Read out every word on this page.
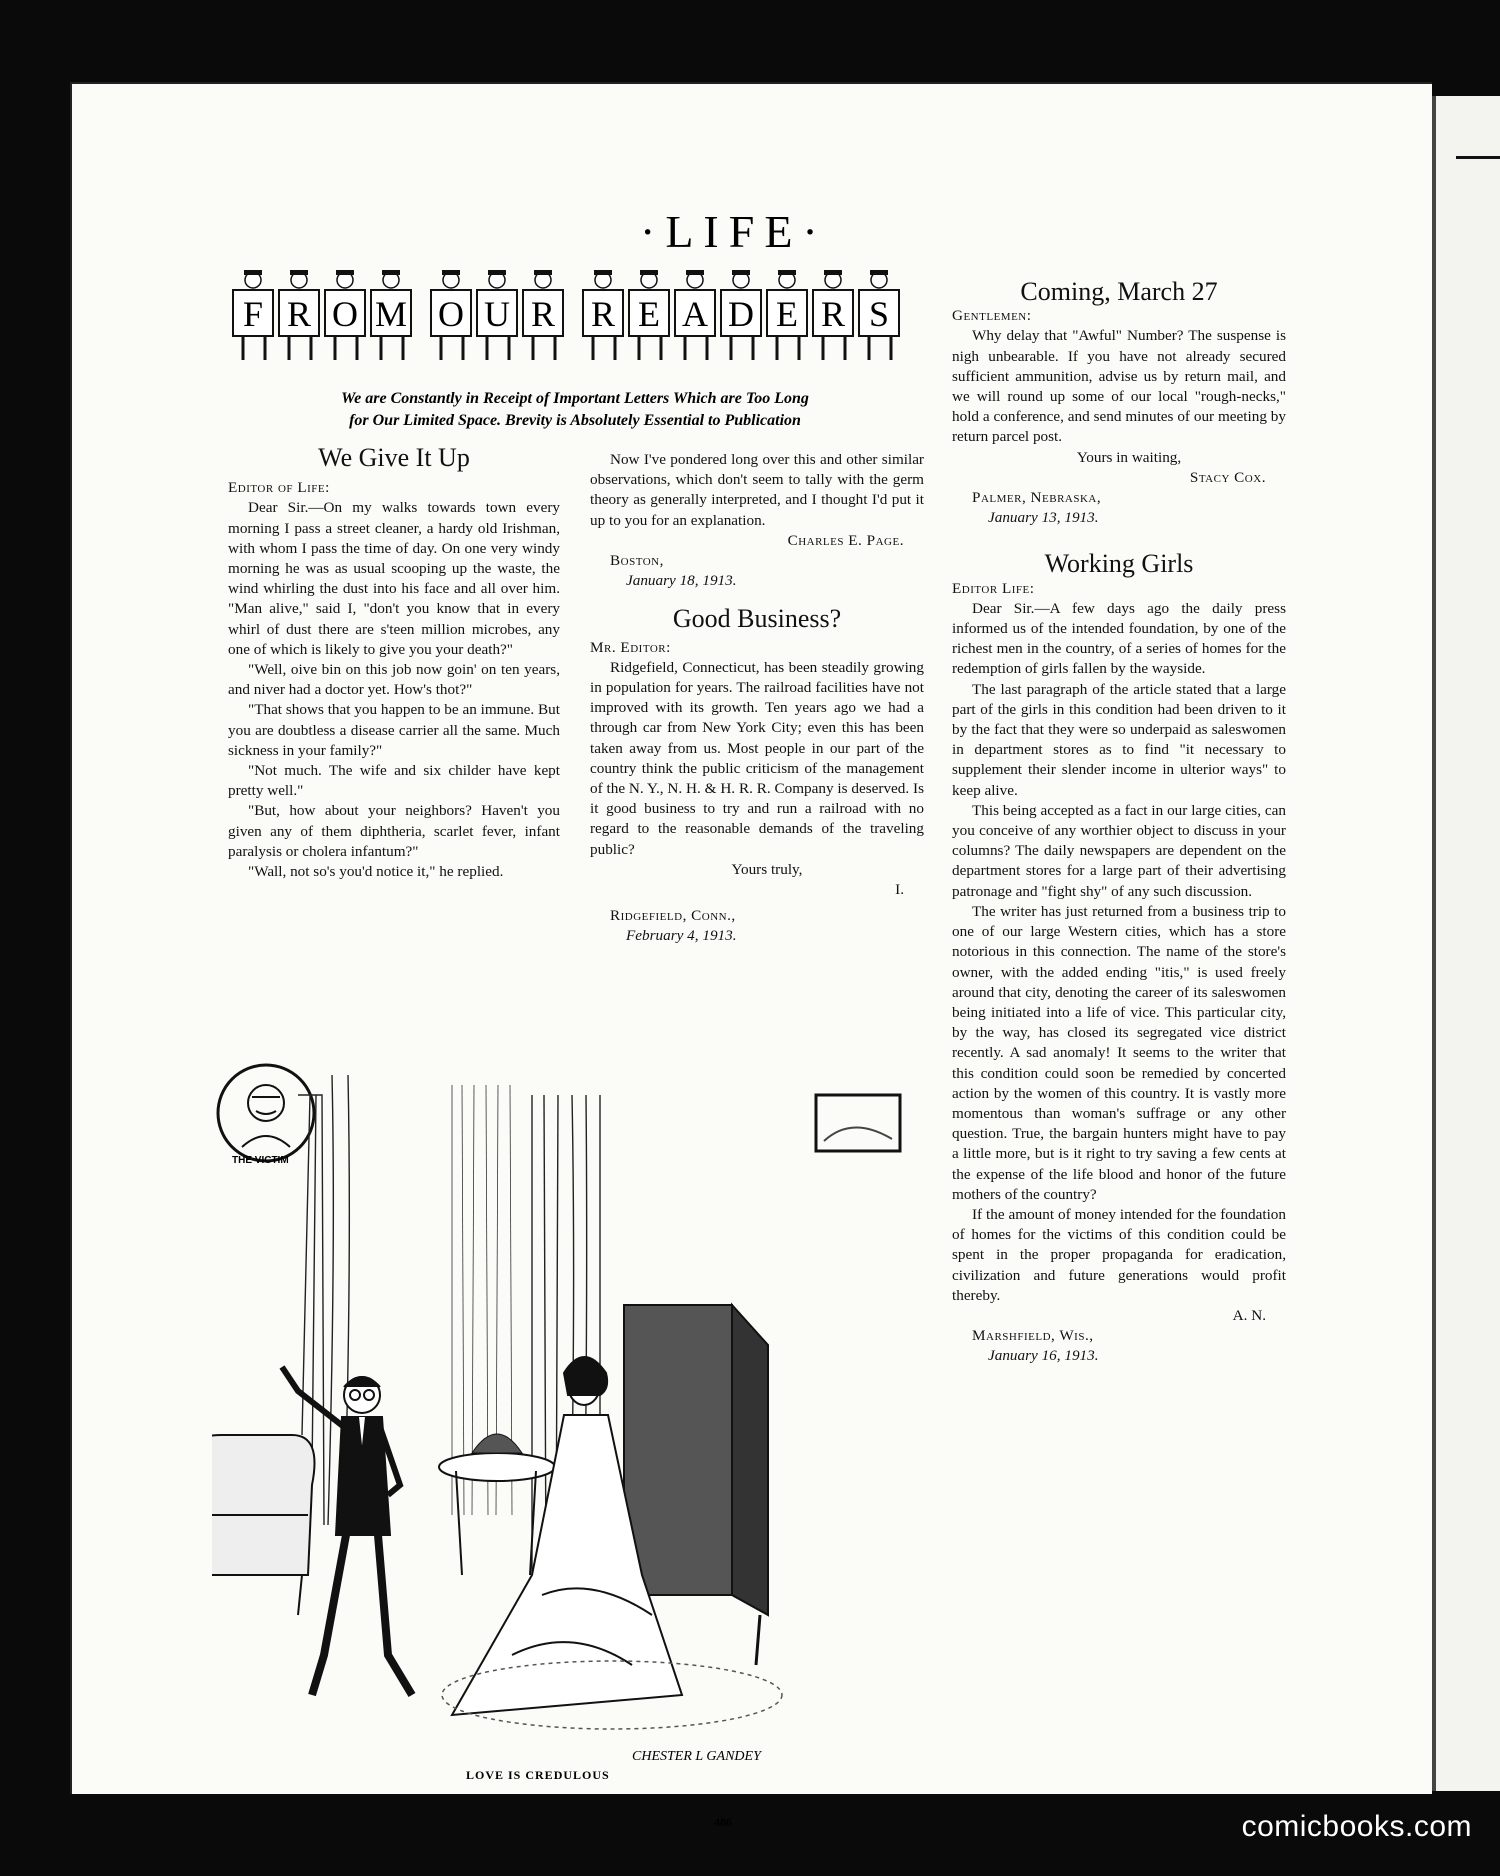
·LIFE·
F R O M O U R R E A D E R S
We are Constantly in Receipt of Important Letters Which are Too Long
for Our Limited Space. Brevity is Absolutely Essential to Publication
We Give It Up

Editor of Life:

Dear Sir.—On my walks towards town every morning I pass a street cleaner, a hardy old Irishman, with whom I pass the time of day. On one very windy morning he was as usual scooping up the waste, the wind whirling the dust into his face and all over him. "Man alive," said I, "don't you know that in every whirl of dust there are s'teen million microbes, any one of which is likely to give you your death?"

"Well, oive bin on this job now goin' on ten years, and niver had a doctor yet. How's thot?"

"That shows that you happen to be an immune. But you are doubtless a disease carrier all the same. Much sickness in your family?"

"Not much. The wife and six childer have kept pretty well."

"But, how about your neighbors? Haven't you given any of them diphtheria, scarlet fever, infant paralysis or cholera infantum?"

"Wall, not so's you'd notice it," he replied.

Now I've pondered long over this and other similar observations, which don't seem to tally with the germ theory as generally interpreted, and I thought I'd put it up to you for an explanation.

Charles E. Page.

Boston,

January 18, 1913.

Good Business?

Mr. Editor:

Ridgefield, Connecticut, has been steadily growing in population for years. The railroad facilities have not improved with its growth. Ten years ago we had a through car from New York City; even this has been taken away from us. Most people in our part of the country think the public criticism of the management of the N. Y., N. H. & H. R. R. Company is deserved. Is it good business to try and run a railroad with no regard to the reasonable demands of the traveling public?

Yours truly,

I.

Ridgefield, Conn.,

February 4, 1913.

Coming, March 27

Gentlemen:

Why delay that "Awful" Number? The suspense is nigh unbearable. If you have not already secured sufficient ammunition, advise us by return mail, and we will round up some of our local "rough-necks," hold a conference, and send minutes of our meeting by return parcel post.

Yours in waiting,

Stacy Cox.

Palmer, Nebraska,

January 13, 1913.

Working Girls

Editor Life:

Dear Sir.—A few days ago the daily press informed us of the intended foundation, by one of the richest men in the country, of a series of homes for the redemption of girls fallen by the wayside.

The last paragraph of the article stated that a large part of the girls in this condition had been driven to it by the fact that they were so underpaid as saleswomen in department stores as to find "it necessary to supplement their slender income in ulterior ways" to keep alive.

This being accepted as a fact in our large cities, can you conceive of any worthier object to discuss in your columns? The daily newspapers are dependent on the department stores for a large part of their advertising patronage and "fight shy" of any such discussion.

The writer has just returned from a business trip to one of our large Western cities, which has a store notorious in this connection. The name of the store's owner, with the added ending "itis," is used freely around that city, denoting the career of its saleswomen being initiated into a life of vice. This particular city, by the way, has closed its segregated vice district recently. A sad anomaly! It seems to the writer that this condition could soon be remedied by concerted action by the women of this country. It is vastly more momentous than woman's suffrage or any other question. True, the bargain hunters might have to pay a little more, but is it right to try saving a few cents at the expense of the life blood and honor of the future mothers of the country?

If the amount of money intended for the foundation of homes for the victims of this condition could be spent in the proper propaganda for eradication, civilization and future generations would profit thereby.

A. N.

Marshfield, Wis.,

January 16, 1913.

THE VICTIM
CHESTER L GANDEY
LOVE IS CREDULOUS
486	comicbooks.com
